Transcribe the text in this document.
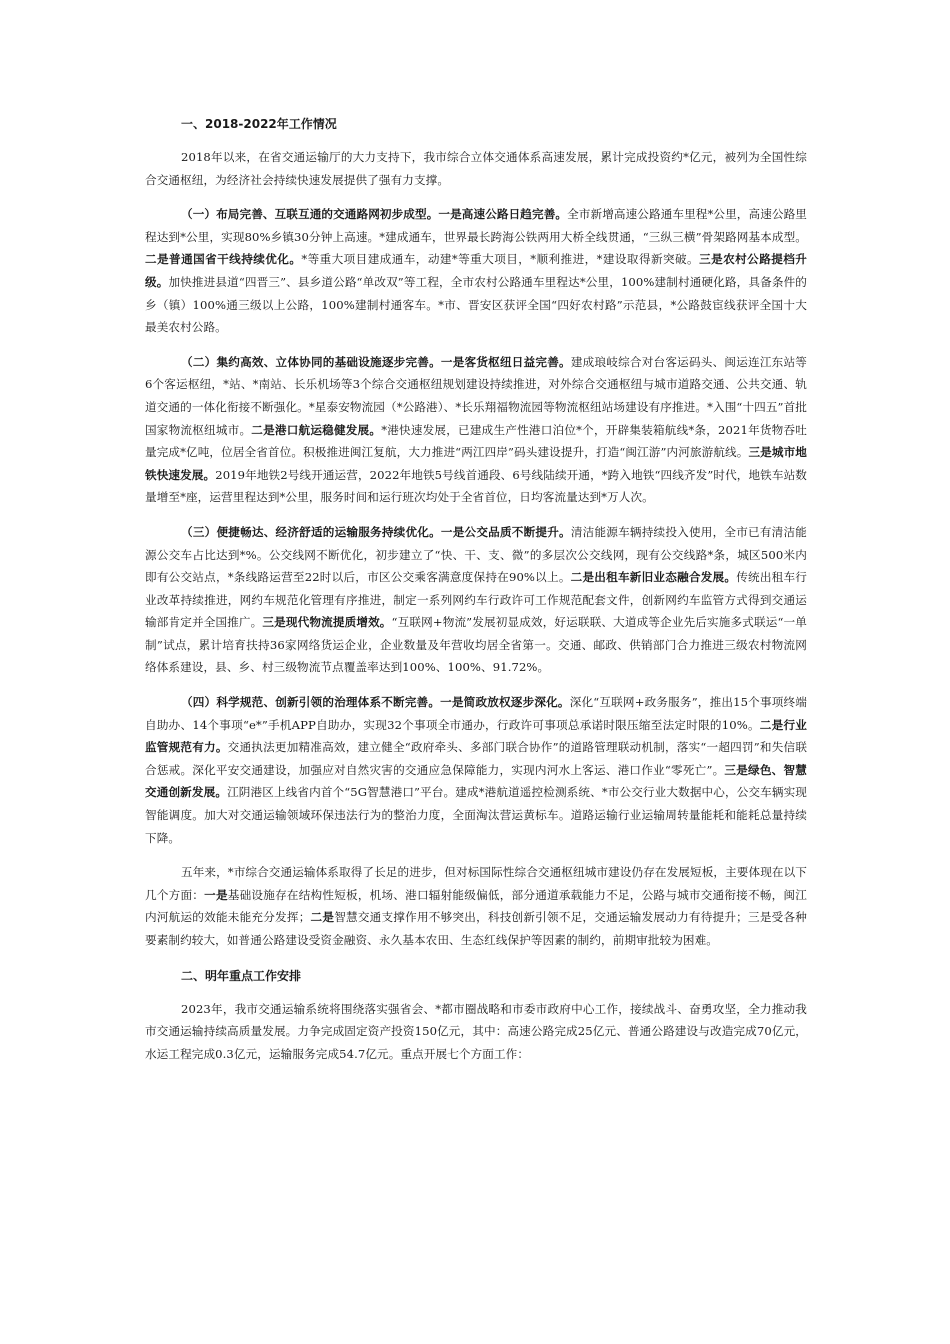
一、2018-2022年工作情况

2018年以来，在省交通运输厅的大力支持下，我市综合立体交通体系高速发展，累计完成投资约*亿元，被列为全国性综合交通枢纽，为经济社会持续快速发展提供了强有力支撑。

（一）布局完善、互联互通的交通路网初步成型。一是高速公路日趋完善。全市新增高速公路通车里程*公里，高速公路里程达到*公里，实现80%乡镇30分钟上高速。*建成通车，世界最长跨海公铁两用大桥全线贯通，“三纵三横”骨架路网基本成型。二是普通国省干线持续优化。*等重大项目建成通车，动建*等重大项目，*顺利推进，*建设取得新突破。三是农村公路提档升级。加快推进县道“四晋三”、县乡道公路“单改双”等工程，全市农村公路通车里程达*公里，100%建制村通硬化路，具备条件的乡（镇）100%通三级以上公路，100%建制村通客车。*市、晋安区获评全国“四好农村路”示范县，*公路鼓宦线获评全国十大最美农村公路。

（二）集约高效、立体协同的基础设施逐步完善。一是客货枢纽日益完善。建成琅岐综合对台客运码头、闽运连江东站等6个客运枢纽，*站、*南站、长乐机场等3个综合交通枢纽规划建设持续推进，对外综合交通枢纽与城市道路交通、公共交通、轨道交通的一体化衔接不断强化。*星泰安物流园（*公路港）、*长乐翔福物流园等物流枢纽站场建设有序推进。*入围“十四五”首批国家物流枢纽城市。二是港口航运稳健发展。*港快速发展，已建成生产性港口泊位*个，开辟集装箱航线*条，2021年货物吞吐量完成*亿吨，位居全省首位。积极推进闽江复航，大力推进“两江四岸”码头建设提升，打造“闽江游”内河旅游航线。三是城市地铁快速发展。2019年地铁2号线开通运营，2022年地铁5号线首通段、6号线陆续开通，*跨入地铁“四线齐发”时代，地铁车站数量增至*座，运营里程达到*公里，服务时间和运行班次均处于全省首位，日均客流量达到*万人次。

（三）便捷畅达、经济舒适的运输服务持续优化。一是公交品质不断提升。清洁能源车辆持续投入使用，全市已有清洁能源公交车占比达到*%。公交线网不断优化，初步建立了“快、干、支、微”的多层次公交线网，现有公交线路*条，城区500米内即有公交站点，*条线路运营至22时以后，市区公交乘客满意度保持在90%以上。二是出租车新旧业态融合发展。传统出租车行业改革持续推进，网约车规范化管理有序推进，制定一系列网约车行政许可工作规范配套文件，创新网约车监管方式得到交通运输部肯定并全国推广。三是现代物流提质增效。“互联网+物流”发展初显成效，好运联联、大道成等企业先后实施多式联运“一单制”试点，累计培育扶持36家网络货运企业，企业数量及年营收均居全省第一。交通、邮政、供销部门合力推进三级农村物流网络体系建设，县、乡、村三级物流节点覆盖率达到100%、100%、91.72%。

（四）科学规范、创新引领的治理体系不断完善。一是简政放权逐步深化。深化“互联网+政务服务”，推出15个事项终端自助办、14个事项“e*”手机APP自助办，实现32个事项全市通办，行政许可事项总承诺时限压缩至法定时限的10%。二是行业监管规范有力。交通执法更加精准高效，建立健全“政府牵头、多部门联合协作”的道路管理联动机制，落实“一超四罚”和失信联合惩戒。深化平安交通建设，加强应对自然灾害的交通应急保障能力，实现内河水上客运、港口作业“零死亡”。三是绿色、智慧交通创新发展。江阴港区上线省内首个“5G智慧港口”平台。建成*港航道遥控检测系统、*市公交行业大数据中心，公交车辆实现智能调度。加大对交通运输领域环保违法行为的整治力度，全面淘汰营运黄标车。道路运输行业运输周转量能耗和能耗总量持续下降。

五年来，*市综合交通运输体系取得了长足的进步，但对标国际性综合交通枢纽城市建设仍存在发展短板，主要体现在以下几个方面：一是基础设施存在结构性短板，机场、港口辐射能级偏低，部分通道承载能力不足，公路与城市交通衔接不畅，闽江内河航运的效能未能充分发挥；二是智慧交通支撑作用不够突出，科技创新引领不足，交通运输发展动力有待提升；三是受各种要素制约较大，如普通公路建设受资金融资、永久基本农田、生态红线保护等因素的制约，前期审批较为困难。

二、明年重点工作安排

2023年，我市交通运输系统将围绕落实强省会、*都市圈战略和市委市政府中心工作，接续战斗、奋勇攻坚，全力推动我市交通运输持续高质量发展。力争完成固定资产投资150亿元，其中：高速公路完成25亿元、普通公路建设与改造完成70亿元，水运工程完成0.3亿元，运输服务完成54.7亿元。重点开展七个方面工作：
